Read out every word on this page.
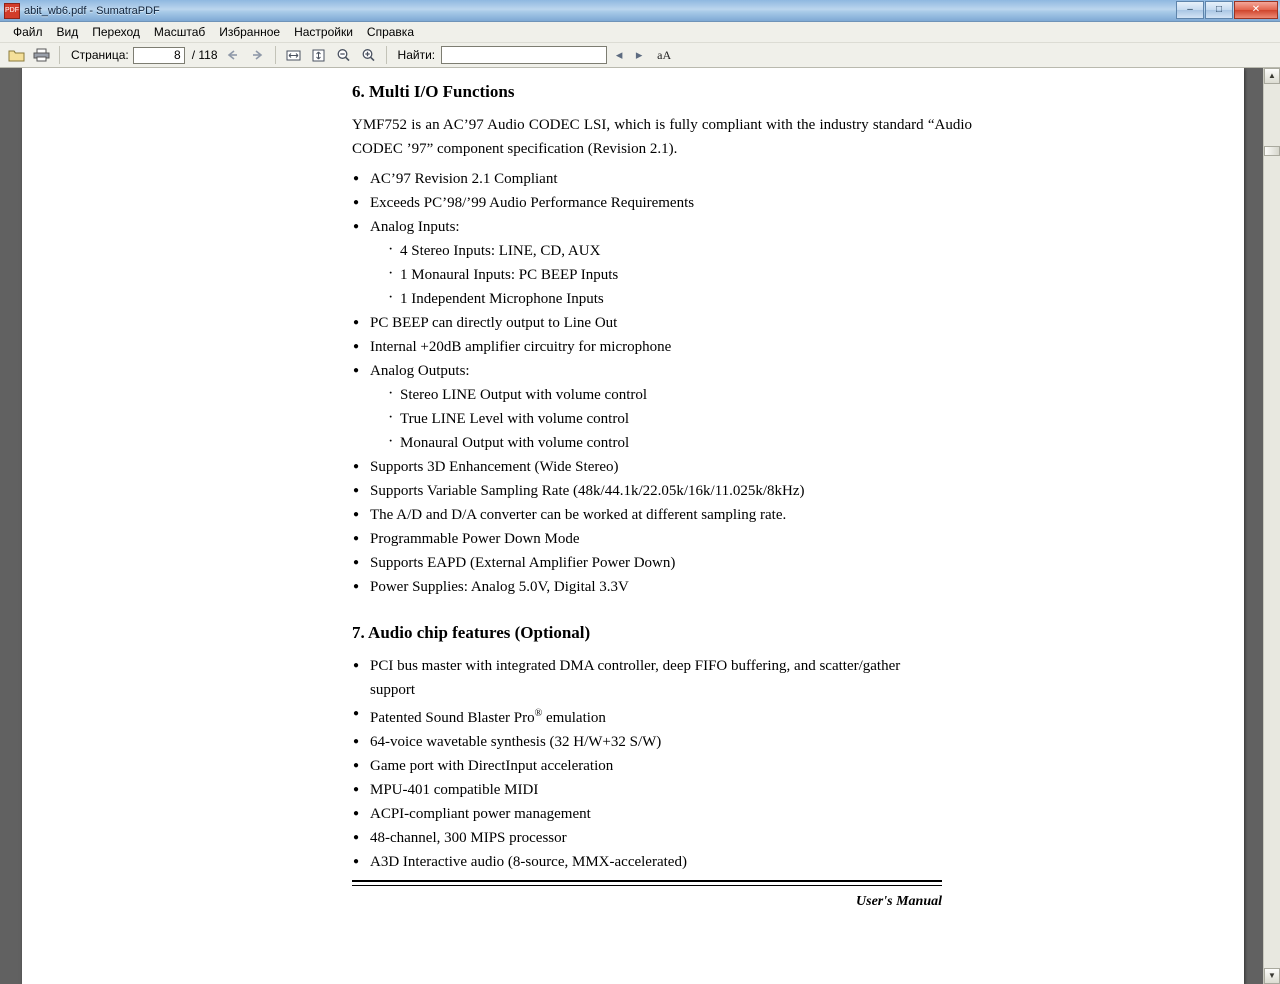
PDF abit_wb6.pdf - SumatraPDF	–	□	✕
Файл	Вид	Переход	Масштаб	Избранное	Настройки	Справка
Страница:
8	/ 118	Найти:	◂	▸	aA
6. Multi I/O Functions

YMF752 is an AC’97 Audio CODEC LSI, which is fully compliant with the industry standard “Audio CODEC ’97” component specification (Revision 2.1).

● AC’97 Revision 2.1 Compliant
● Exceeds PC’98/’99 Audio Performance Requirements
● Analog Inputs:
· 4 Stereo Inputs: LINE, CD, AUX
· 1 Monaural Inputs: PC BEEP Inputs
· 1 Independent Microphone Inputs
● PC BEEP can directly output to Line Out
● Internal +20dB amplifier circuitry for microphone
● Analog Outputs:
· Stereo LINE Output with volume control
· True LINE Level with volume control
· Monaural Output with volume control
● Supports 3D Enhancement (Wide Stereo)
● Supports Variable Sampling Rate (48k/44.1k/22.05k/16k/11.025k/8kHz)
● The A/D and D/A converter can be worked at different sampling rate.
● Programmable Power Down Mode
● Supports EAPD (External Amplifier Power Down)
● Power Supplies: Analog 5.0V, Digital 3.3V
7. Audio chip features (Optional)
● PCI bus master with integrated DMA controller, deep FIFO buffering, and scatter/gather
support
● Patented Sound Blaster Pro® emulation
● 64-voice wavetable synthesis (32 H/W+32 S/W)
● Game port with DirectInput acceleration
● MPU-401 compatible MIDI
● ACPI-compliant power management
● 48-channel, 300 MIPS processor
● A3D Interactive audio (8-source, MMX-accelerated)
User's Manual
▲
▼
